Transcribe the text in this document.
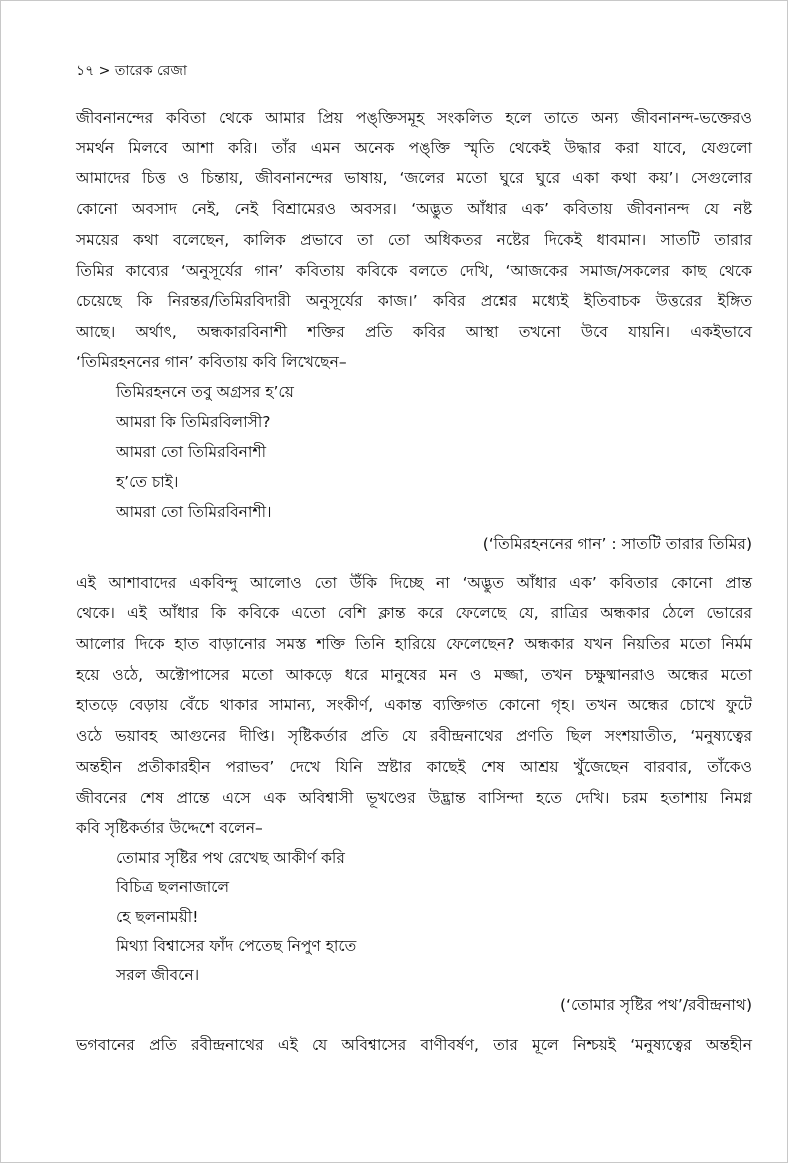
১৭ > তারেক রেজা
জীবনানন্দের কবিতা থেকে আমার প্রিয় পঙ্‌ক্তিসমূহ সংকলিত হলে তাতে অন্য জীবনানন্দ-ভক্তেরও
সমর্থন মিলবে আশা করি। তাঁর এমন অনেক পঙ্‌ক্তি স্মৃতি থেকেই উদ্ধার করা যাবে, যেগুলো
আমাদের চিত্ত ও চিন্তায়, জীবনানন্দের ভাষায়, ‘জলের মতো ঘুরে ঘুরে একা কথা কয়’। সেগুলোর
কোনো অবসাদ নেই, নেই বিশ্রামেরও অবসর। ‘অদ্ভুত আঁধার এক’ কবিতায় জীবনানন্দ যে নষ্ট
সময়ের কথা বলেছেন, কালিক প্রভাবে তা তো অধিকতর নষ্টের দিকেই ধাবমান। সাতটি তারার
তিমির কাব্যের ‘অনুসূর্যের গান’ কবিতায় কবিকে বলতে দেখি, ‘আজকের সমাজ/সকলের কাছ থেকে
চেয়েছে কি নিরন্তর/তিমিরবিদারী অনুসূর্যের কাজ।’ কবির প্রশ্নের মধ্যেই ইতিবাচক উত্তরের ইঙ্গিত
আছে। অর্থাৎ, অন্ধকারবিনাশী শক্তির প্রতি কবির আস্থা তখনো উবে যায়নি। একইভাবে
‘তিমিরহননের গান’ কবিতায় কবি লিখেছেন–
তিমিরহননে তবু অগ্রসর হ’য়ে
আমরা কি তিমিরবিলাসী?
আমরা তো তিমিরবিনাশী
হ’তে চাই।
আমরা তো তিমিরবিনাশী।
(‘তিমিরহননের গান’ : সাতটি তারার তিমির)
এই আশাবাদের একবিন্দু আলোও তো উঁকি দিচ্ছে না ‘অদ্ভুত আঁধার এক’ কবিতার কোনো প্রান্ত
থেকে। এই আঁধার কি কবিকে এতো বেশি ক্লান্ত করে ফেলেছে যে, রাত্রির অন্ধকার ঠেলে ভোরের
আলোর দিকে হাত বাড়ানোর সমস্ত শক্তি তিনি হারিয়ে ফেলেছেন? অন্ধকার যখন নিয়তির মতো নির্মম
হয়ে ওঠে, অক্টোপাসের মতো আকড়ে ধরে মানুষের মন ও মজ্জা, তখন চক্ষুষ্মানরাও অন্ধের মতো
হাতড়ে বেড়ায় বেঁচে থাকার সামান্য, সংকীর্ণ, একান্ত ব্যক্তিগত কোনো গৃহ। তখন অন্ধের চোখে ফুটে
ওঠে ভয়াবহ আগুনের দীপ্তি। সৃষ্টিকর্তার প্রতি যে রবীন্দ্রনাথের প্রণতি ছিল সংশয়াতীত, ‘মনুষ্যত্বের
অন্তহীন প্রতীকারহীন পরাভব’ দেখে যিনি স্রষ্টার কাছেই শেষ আশ্রয় খুঁজেছেন বারবার, তাঁকেও
জীবনের শেষ প্রান্তে এসে এক অবিশ্বাসী ভূখণ্ডের উদ্ভ্রান্ত বাসিন্দা হতে দেখি। চরম হতাশায় নিমগ্ন
কবি সৃষ্টিকর্তার উদ্দেশে বলেন–
তোমার সৃষ্টির পথ রেখেছ আকীর্ণ করি
বিচিত্র ছলনাজালে
হে ছলনাময়ী!
মিথ্যা বিশ্বাসের ফাঁদ পেতেছ নিপুণ হাতে
সরল জীবনে।
(‘তোমার সৃষ্টির পথ’/রবীন্দ্রনাথ)
ভগবানের প্রতি রবীন্দ্রনাথের এই যে অবিশ্বাসের বাণীবর্ষণ, তার মূলে নিশ্চয়ই ‘মনুষ্যত্বের অন্তহীন
